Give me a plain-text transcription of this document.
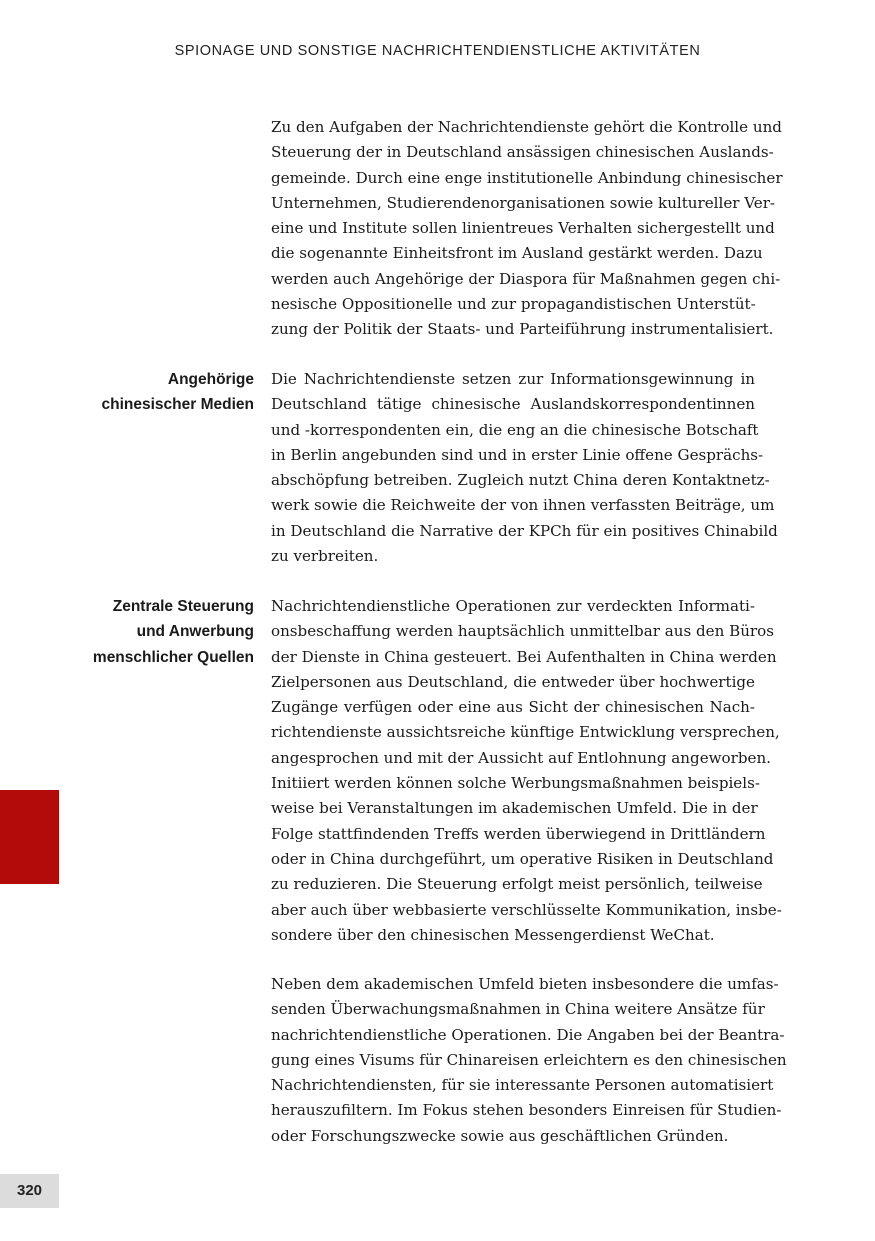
SPIONAGE UND SONSTIGE NACHRICHTENDIENSTLICHE AKTIVITÄTEN
320
Zu den Aufgaben der Nachrichtendienste gehört die Kontrolle und
Steuerung der in Deutschland ansässigen chinesischen Auslands-
gemeinde. Durch eine enge institutionelle Anbindung chinesischer
Unternehmen, Studierendenorganisationen sowie kultureller Ver-
eine und Institute sollen linientreues Verhalten sichergestellt und
die sogenannte Einheitsfront im Ausland gestärkt werden. Dazu
werden auch Angehörige der Diaspora für Maßnahmen gegen chi-
nesische Oppositionelle und zur propagandistischen Unterstüt-
zung der Politik der Staats- und Parteiführung instrumentalisiert.
Angehörige
chinesischer Medien
Die Nachrichtendienste setzen zur Informationsgewinnung in
Deutschland tätige chinesische Auslandskorrespondentinnen
und -korrespondenten ein, die eng an die chinesische Botschaft
in Berlin angebunden sind und in erster Linie offene Gesprächs-
abschöpfung betreiben. Zugleich nutzt China deren Kontaktnetz-
werk sowie die Reichweite der von ihnen verfassten Beiträge, um
in Deutschland die Narrative der KPCh für ein positives Chinabild
zu verbreiten.
Zentrale Steuerung
und Anwerbung
menschlicher Quellen
Nachrichtendienstliche Operationen zur verdeckten Informati-
onsbeschaffung werden hauptsächlich unmittelbar aus den Büros
der Dienste in China gesteuert. Bei Aufenthalten in China werden
Zielpersonen aus Deutschland, die entweder über hochwertige
Zugänge verfügen oder eine aus Sicht der chinesischen Nach-
richtendienste aussichtsreiche künftige Entwicklung versprechen,
angesprochen und mit der Aussicht auf Entlohnung angeworben.
Initiiert werden können solche Werbungsmaßnahmen beispiels-
weise bei Veranstaltungen im akademischen Umfeld. Die in der
Folge stattfindenden Treffs werden überwiegend in Drittländern
oder in China durchgeführt, um operative Risiken in Deutschland
zu reduzieren. Die Steuerung erfolgt meist persönlich, teilweise
aber auch über webbasierte verschlüsselte Kommunikation, insbe-
sondere über den chinesischen Messengerdienst WeChat.
Neben dem akademischen Umfeld bieten insbesondere die umfas-
senden Überwachungsmaßnahmen in China weitere Ansätze für
nachrichtendienstliche Operationen. Die Angaben bei der Beantra-
gung eines Visums für Chinareisen erleichtern es den chinesischen
Nachrichtendiensten, für sie interessante Personen automatisiert
herauszufiltern. Im Fokus stehen besonders Einreisen für Studien-
oder Forschungszwecke sowie aus geschäftlichen Gründen.
